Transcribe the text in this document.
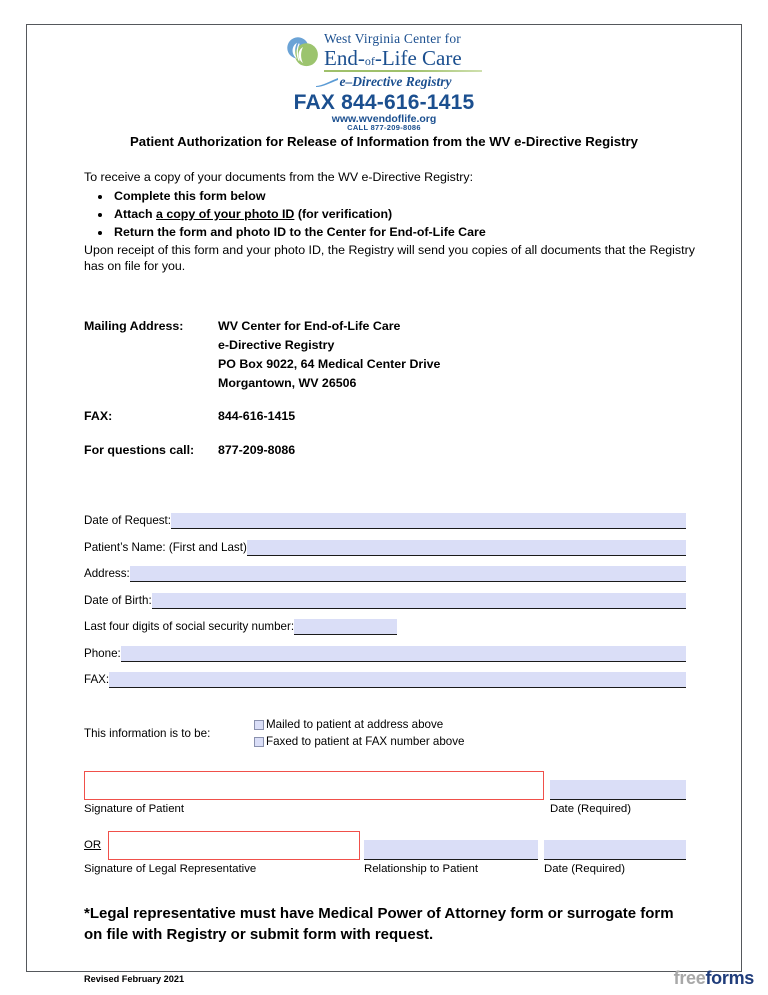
West Virginia Center for
End-of-Life Care
e–Directive Registry
FAX 844-616-1415
www.wvendoflife.org
CALL 877-209-8086
Patient Authorization for Release of Information from the WV e-Directive Registry
To receive a copy of your documents from the WV e-Directive Registry:
• Complete this form below
• Attach a copy of your photo ID (for verification)
• Return the form and photo ID to the Center for End-of-Life Care
Upon receipt of this form and your photo ID, the Registry will send you copies of all documents that the Registry has on file for you.
Mailing Address:	WV Center for End-of-Life Care
e-Directive Registry
PO Box 9022, 64 Medical Center Drive
Morgantown, WV 26506
FAX:	844-616-1415
For questions call:	877-209-8086
Date of Request:
Patient’s Name: (First and Last)
Address:
Date of Birth:
Last four digits of social security number:
Phone:
FAX:
This information is to be:
Mailed to patient at address above
Faxed to patient at FAX number above
Signature of Patient	Date (Required)
OR
Signature of Legal Representative	Relationship to Patient	Date (Required)
*Legal representative must have Medical Power of Attorney form or surrogate form on file with Registry or submit form with request.
Revised February 2021	freeforms
